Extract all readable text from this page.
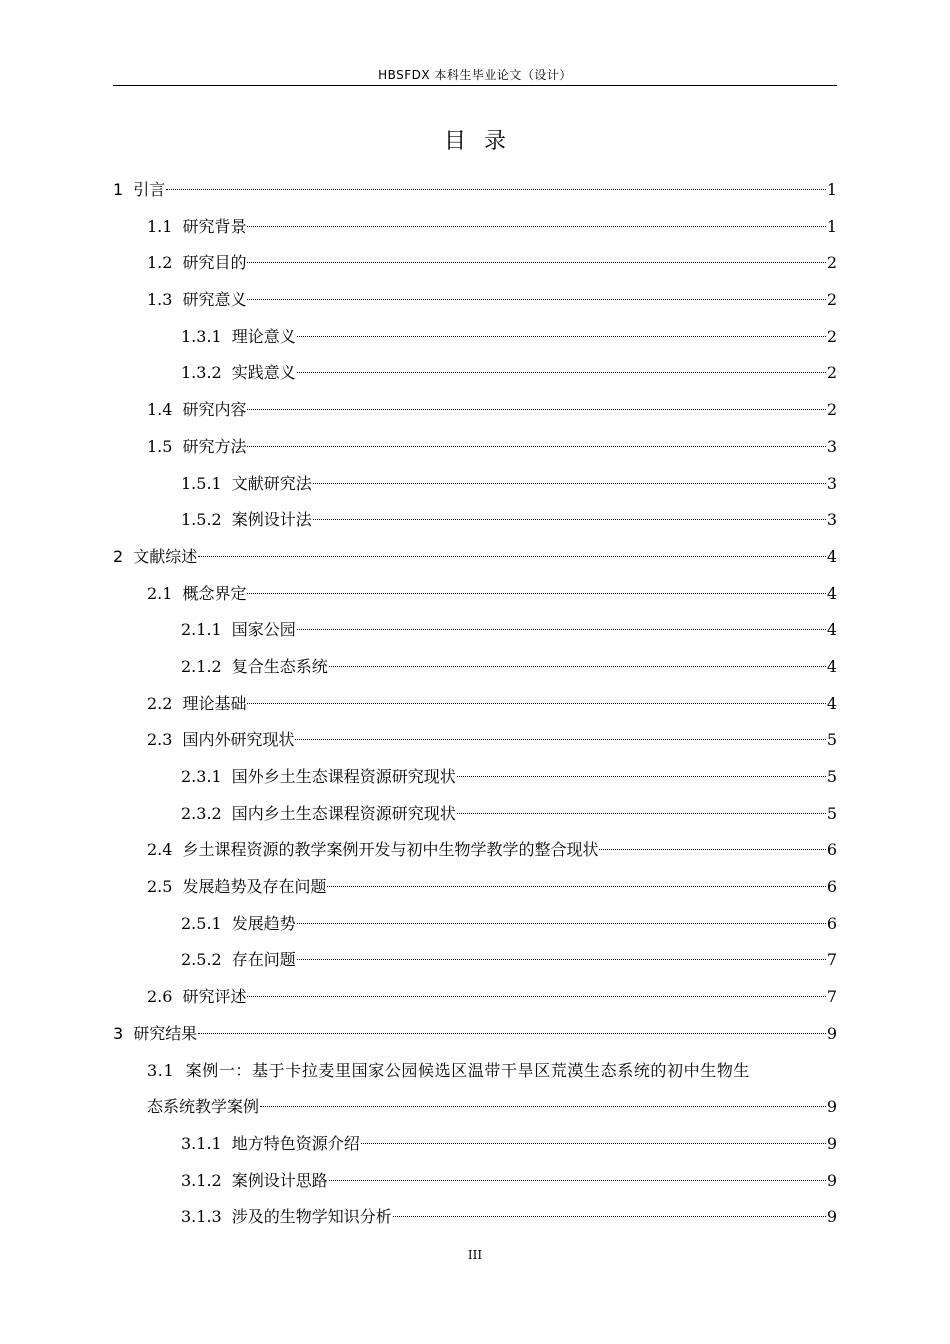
HBSFDX 本科生毕业论文（设计）
目录
1 引言	1
1.1 研究背景	1
1.2 研究目的	2
1.3 研究意义	2
1.3.1 理论意义	2
1.3.2 实践意义	2
1.4 研究内容	2
1.5 研究方法	3
1.5.1 文献研究法	3
1.5.2 案例设计法	3
2 文献综述	4
2.1 概念界定	4
2.1.1 国家公园	4
2.1.2 复合生态系统	4
2.2 理论基础	4
2.3 国内外研究现状	5
2.3.1 国外乡土生态课程资源研究现状	5
2.3.2 国内乡土生态课程资源研究现状	5
2.4 乡土课程资源的教学案例开发与初中生物学教学的整合现状	6
2.5 发展趋势及存在问题	6
2.5.1 发展趋势	6
2.5.2 存在问题	7
2.6 研究评述	7
3 研究结果	9
3.1 案例一：基于卡拉麦里国家公园候选区温带干旱区荒漠生态系统的初中生物生
态系统教学案例	9
3.1.1 地方特色资源介绍	9
3.1.2 案例设计思路	9
3.1.3 涉及的生物学知识分析	9
III
